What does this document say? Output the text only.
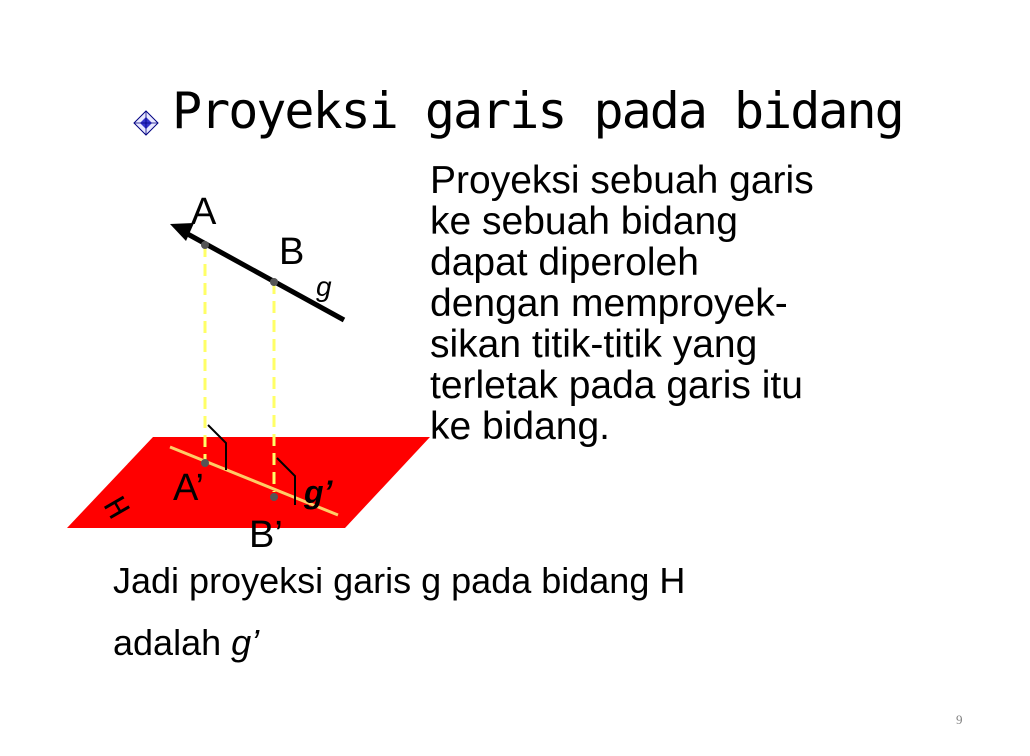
Proyeksi garis pada bidang
A
B
g
A’	g’
B’
H
Proyeksi sebuah garis
ke sebuah bidang
dapat diperoleh
dengan memproyek-
sikan titik-titik yang
terletak pada garis itu
ke bidang.
Jadi proyeksi garis g pada bidang H
adalah g’
9
